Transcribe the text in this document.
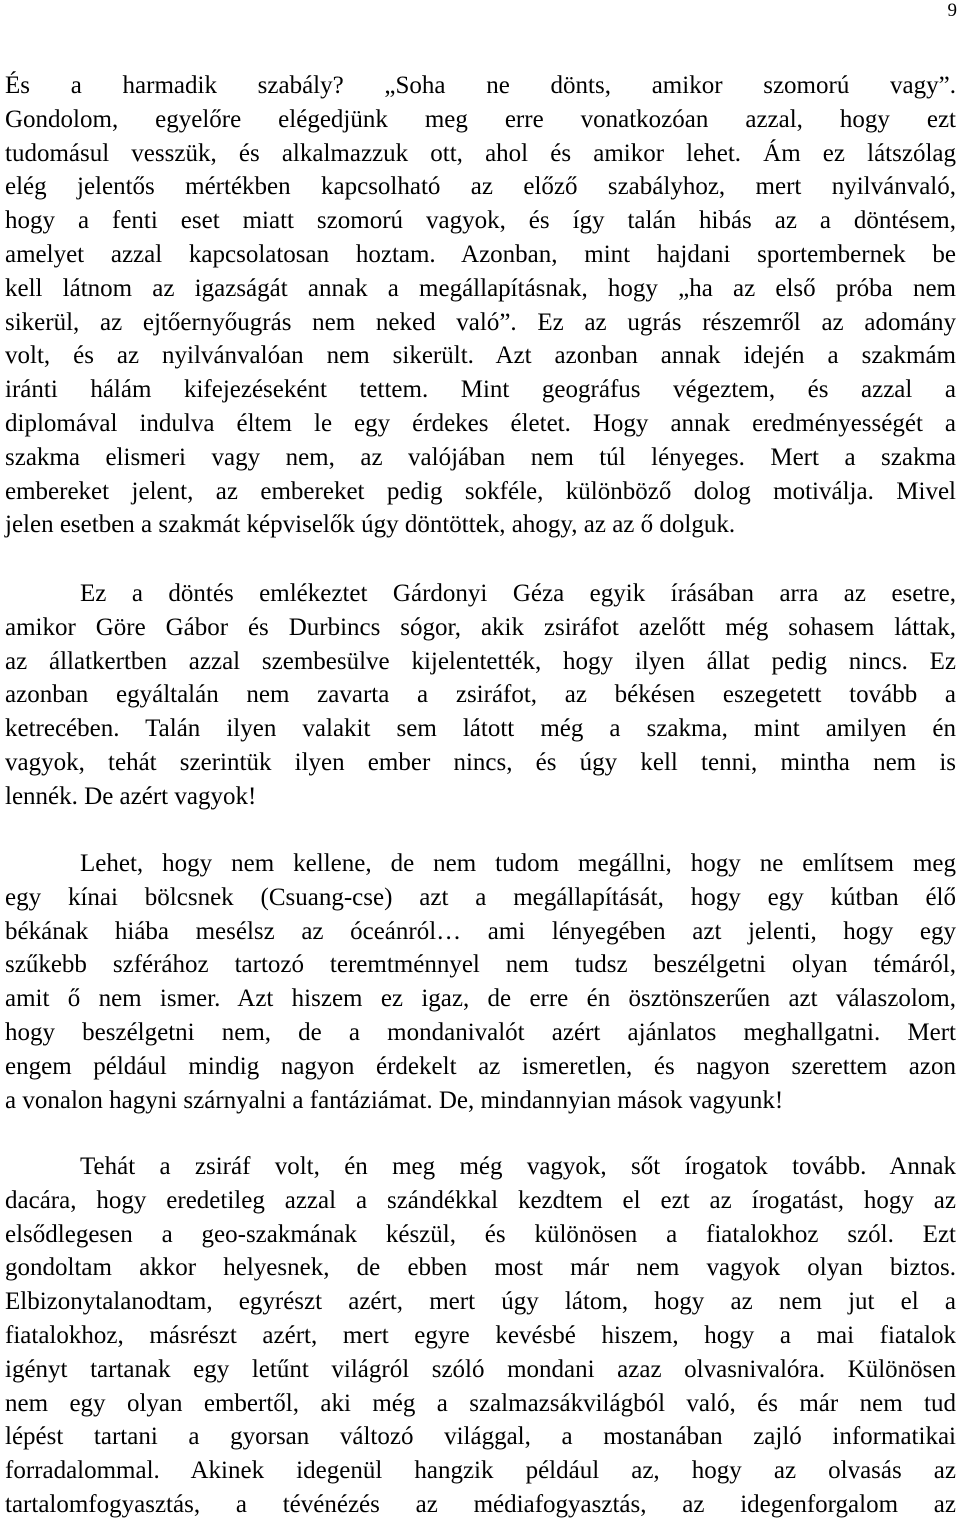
9
És a harmadik szabály? „Soha ne dönts, amikor szomorú vagy”.
Gondolom, egyelőre elégedjünk meg erre vonatkozóan azzal, hogy ezt
tudomásul vesszük, és alkalmazzuk ott, ahol és amikor lehet. Ám ez látszólag
elég jelentős mértékben kapcsolható az előző szabályhoz, mert nyilvánvaló,
hogy a fenti eset miatt szomorú vagyok, és így talán hibás az a döntésem,
amelyet azzal kapcsolatosan hoztam. Azonban, mint hajdani sportembernek be
kell látnom az igazságát annak a megállapításnak, hogy „ha az első próba nem
sikerül, az ejtőernyőugrás nem neked való”. Ez az ugrás részemről az adomány
volt, és az nyilvánvalóan nem sikerült. Azt azonban annak idején a szakmám
iránti hálám kifejezéseként tettem. Mint geográfus végeztem, és azzal a
diplomával indulva éltem le egy érdekes életet. Hogy annak eredményességét a
szakma elismeri vagy nem, az valójában nem túl lényeges. Mert a szakma
embereket jelent, az embereket pedig sokféle, különböző dolog motiválja. Mivel
jelen esetben a szakmát képviselők úgy döntöttek, ahogy, az az ő dolguk.
Ez a döntés emlékeztet Gárdonyi Géza egyik írásában arra az esetre,
amikor Göre Gábor és Durbincs sógor, akik zsiráfot azelőtt még sohasem láttak,
az állatkertben azzal szembesülve kijelentették, hogy ilyen állat pedig nincs. Ez
azonban egyáltalán nem zavarta a zsiráfot, az békésen eszegetett tovább a
ketrecében. Talán ilyen valakit sem látott még a szakma, mint amilyen én
vagyok, tehát szerintük ilyen ember nincs, és úgy kell tenni, mintha nem is
lennék. De azért vagyok!
Lehet, hogy nem kellene, de nem tudom megállni, hogy ne említsem meg
egy kínai bölcsnek (Csuang-cse) azt a megállapítását, hogy egy kútban élő
békának hiába mesélsz az óceánról… ami lényegében azt jelenti, hogy egy
szűkebb szférához tartozó teremtménnyel nem tudsz beszélgetni olyan témáról,
amit ő nem ismer. Azt hiszem ez igaz, de erre én ösztönszerűen azt válaszolom,
hogy beszélgetni nem, de a mondanivalót azért ajánlatos meghallgatni. Mert
engem például mindig nagyon érdekelt az ismeretlen, és nagyon szerettem azon
a vonalon hagyni szárnyalni a fantáziámat. De, mindannyian mások vagyunk!
Tehát a zsiráf volt, én meg még vagyok, sőt írogatok tovább. Annak
dacára, hogy eredetileg azzal a szándékkal kezdtem el ezt az írogatást, hogy az
elsődlegesen a geo-szakmának készül, és különösen a fiatalokhoz szól. Ezt
gondoltam akkor helyesnek, de ebben most már nem vagyok olyan biztos.
Elbizonytalanodtam, egyrészt azért, mert úgy látom, hogy az nem jut el a
fiatalokhoz, másrészt azért, mert egyre kevésbé hiszem, hogy a mai fiatalok
igényt tartanak egy letűnt világról szóló mondani azaz olvasnivalóra. Különösen
nem egy olyan embertől, aki még a szalmazsákvilágból való, és már nem tud
lépést tartani a gyorsan változó világgal, a mostanában zajló informatikai
forradalommal. Akinek idegenül hangzik például az, hogy az olvasás az
tartalomfogyasztás, a tévénézés az médiafogyasztás, az idegenforgalom az
